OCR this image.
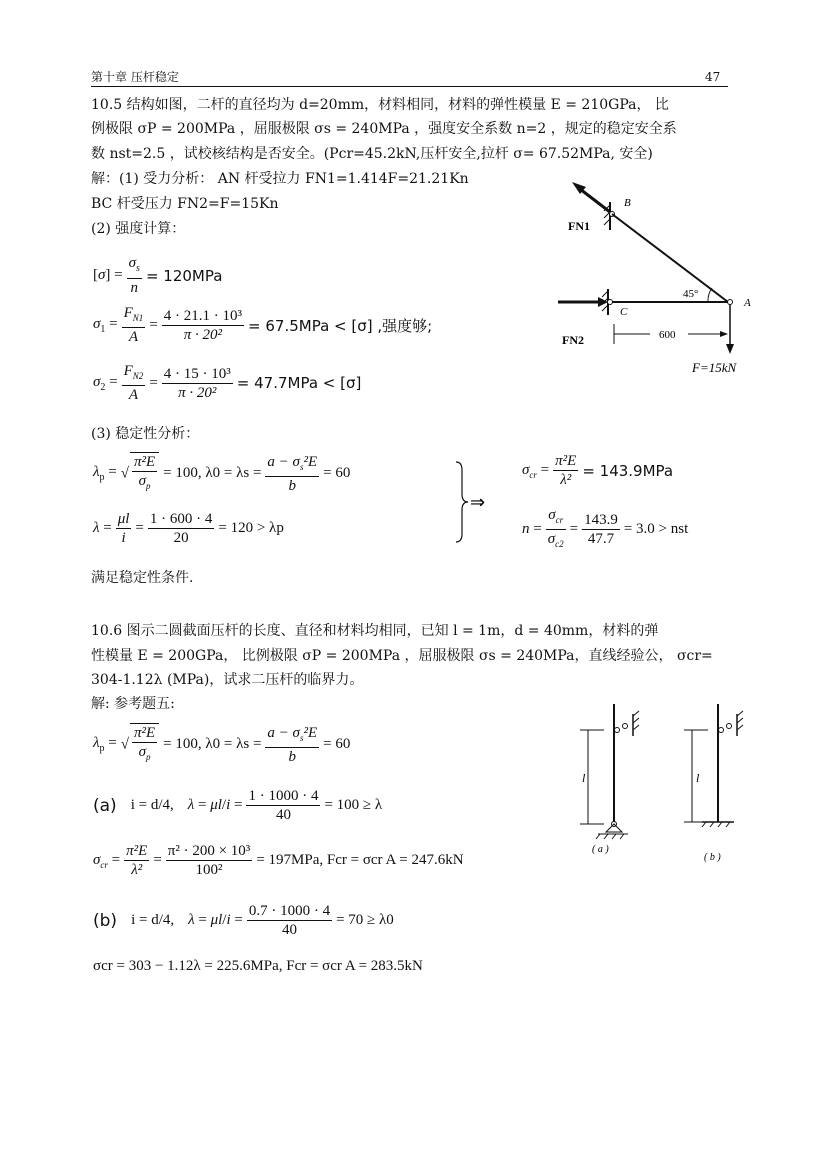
第十章 压杆稳定	47
10.5 结构如图，二杆的直径均为 d=20mm，材料相同，材料的弹性模量 E = 210GPa， 比
例极限 σP = 200MPa ，屈服极限 σs = 240MPa ，强度安全系数 n=2 ，规定的稳定安全系
数 nst=2.5 ，试校核结构是否安全。(Pcr=45.2kN,压杆安全,拉杆 σ= 67.52MPa, 安全)
解：(1) 受力分析： AN 杆受拉力 FN1=1.414F=21.21Kn
BC 杆受压力 FN2=F=15Kn
(2) 强度计算：
$[\sigma] = \frac{\sigma_s}{n} = 120MPa$
$\sigma_1 = \frac{F_{N1}}{A} = \frac{\text{4 · 21.1 · 10³}}{\text{π · 20²}} = 67.5MPa < [\sigma]$ ,强度够;
$\sigma_2 = \frac{F_{N2}}{A} = \frac{\text{4 · 15 · 10³}}{\text{π · 20²}} = 47.7MPa < [\sigma]$
(3) 稳定性分析：
$\lambda_p$ = √ $\frac{\text{π²E}}{\sigma_p} = 100$, $\lambda 0 = \lambda s = \frac{a - \sigma_s^2E}{b} = 60$
$\lambda = \frac{\mu l}{i} = \frac{1 \cdot 600 \cdot 4}{20} = 120 > \lambda p$
⇒
$\sigma_{cr} = \frac{\text{π²E}}{\text{λ²}} = 143.9MPa$
$n = \frac{\sigma_{cr}}{\sigma_{c2}} = \frac{143.9}{47.7} = 3.0$ > nst
满足稳定性条件.
B
C
A
FN1
FN2
45°
600
F=15kN
10.6 图示二圆截面压杆的长度、直径和材料均相同，已知 l = 1m，d = 40mm，材料的弹
性模量 E = 200GPa， 比例极限 σP = 200MPa ，屈服极限 σs = 240MPa，直线经验公， σcr=
304-1.12λ (MPa)，试求二压杆的临界力。
解: 参考题五:
$\lambda_p$ = √ $\frac{\text{π²E}}{\sigma_p} = 100$, $\lambda 0 = \lambda s = \frac{a - \sigma_s^2E}{b} = 60$
(a) i = d/4, $\lambda = \mu l/i = \frac{1 \cdot 1000 \cdot 4}{40} = 100 \ge \lambda$
$\sigma_{cr} = \frac{\text{π²E}}{\text{λ²}} = \frac{\text{π² · 200 × 10³}}{\text{100²}} = 197MPa$, Fcr = σcr A = 247.6kN
(b) i = d/4, $\lambda = \mu l/i = \frac{0.7 \cdot 1000 \cdot 4}{40} = 70 \ge \lambda 0$
σcr = 303 − 1.12λ = 225.6MPa, Fcr = σcr A = 283.5kN
l	l
( a )
( b )
